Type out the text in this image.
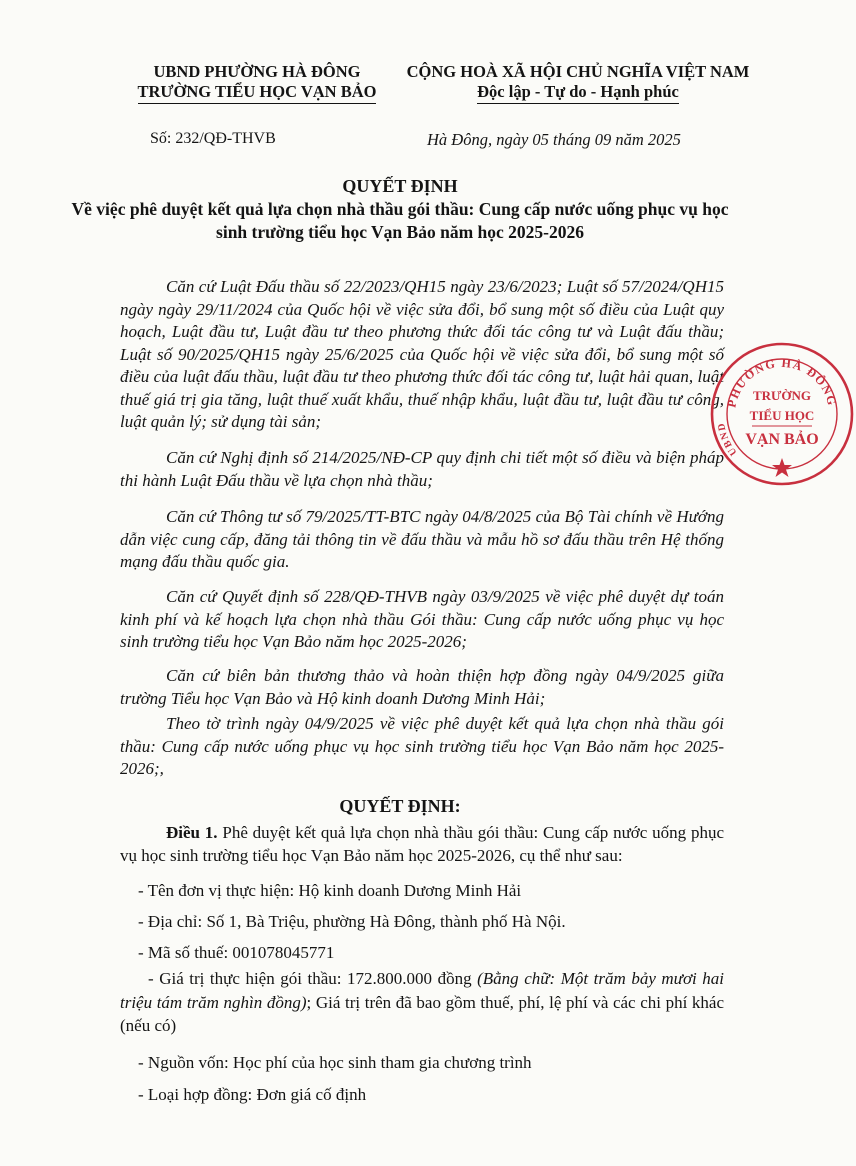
UBND PHƯỜNG HÀ ĐÔNG
TRƯỜNG TIỂU HỌC VẠN BẢO
CỘNG HOÀ XÃ HỘI CHỦ NGHĨA VIỆT NAM
Độc lập - Tự do - Hạnh phúc
Số: 232/QĐ-THVB	Hà Đông, ngày 05 tháng 09 năm 2025
QUYẾT ĐỊNH
Về việc phê duyệt kết quả lựa chọn nhà thầu gói thầu: Cung cấp nước uống phục vụ học sinh trường tiểu học Vạn Bảo năm học 2025-2026
Căn cứ Luật Đấu thầu số 22/2023/QH15 ngày 23/6/2023; Luật số 57/2024/QH15 ngày ngày 29/11/2024 của Quốc hội về việc sửa đổi, bổ sung một số điều của Luật quy hoạch, Luật đầu tư, Luật đầu tư theo phương thức đối tác công tư và Luật đấu thầu; Luật số 90/2025/QH15 ngày 25/6/2025 của Quốc hội về việc sửa đổi, bổ sung một số điều của luật đấu thầu, luật đầu tư theo phương thức đối tác công tư, luật hải quan, luật thuế giá trị gia tăng, luật thuế xuất khẩu, thuế nhập khẩu, luật đầu tư, luật đầu tư công, luật quản lý; sử dụng tài sản;
Căn cứ Nghị định số 214/2025/NĐ-CP quy định chi tiết một số điều và biện pháp thi hành Luật Đấu thầu về lựa chọn nhà thầu;
Căn cứ Thông tư số 79/2025/TT-BTC ngày 04/8/2025 của Bộ Tài chính về Hướng dẫn việc cung cấp, đăng tải thông tin về đấu thầu và mẫu hồ sơ đấu thầu trên Hệ thống mạng đấu thầu quốc gia.
Căn cứ Quyết định số 228/QĐ-THVB ngày 03/9/2025 về việc phê duyệt dự toán kinh phí và kế hoạch lựa chọn nhà thầu Gói thầu: Cung cấp nước uống phục vụ học sinh trường tiểu học Vạn Bảo năm học 2025-2026;
Căn cứ biên bản thương thảo và hoàn thiện hợp đồng ngày 04/9/2025 giữa trường Tiểu học Vạn Bảo và Hộ kinh doanh Dương Minh Hải;
Theo tờ trình ngày 04/9/2025 về việc phê duyệt kết quả lựa chọn nhà thầu gói thầu: Cung cấp nước uống phục vụ học sinh trường tiểu học Vạn Bảo năm học 2025-2026;,
QUYẾT ĐỊNH:
Điều 1. Phê duyệt kết quả lựa chọn nhà thầu gói thầu: Cung cấp nước uống phục vụ học sinh trường tiểu học Vạn Bảo năm học 2025-2026, cụ thể như sau:
- Tên đơn vị thực hiện: Hộ kinh doanh Dương Minh Hải
- Địa chỉ: Số 1, Bà Triệu, phường Hà Đông, thành phố Hà Nội.
- Mã số thuế: 001078045771
- Giá trị thực hiện gói thầu: 172.800.000 đồng (Bằng chữ: Một trăm bảy mươi hai triệu tám trăm nghìn đồng); Giá trị trên đã bao gồm thuế, phí, lệ phí và các chi phí khác (nếu có)
- Nguồn vốn: Học phí của học sinh tham gia chương trình
- Loại hợp đồng: Đơn giá cố định
PHƯỜNG HÀ ĐÔNG
UBND
TRƯỜNG
TIỂU HỌC
VẠN BẢO
